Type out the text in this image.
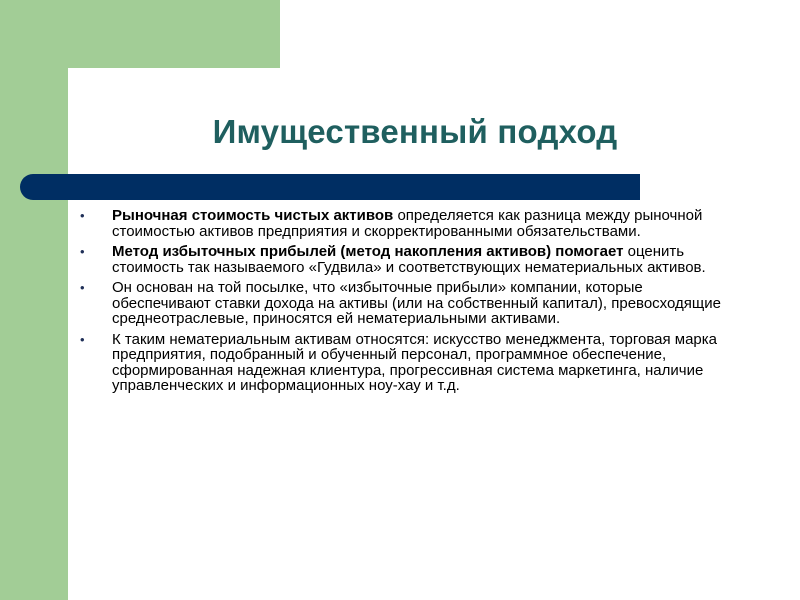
Имущественный подход
•	Рыночная стоимость чистых активов определяется как разница между рыночной стоимостью активов предприятия и скорректированными обязательствами.
•	Метод избыточных прибылей (метод накопления активов) помогает оценить стоимость так называемого «Гудвила» и соответствующих нематериальных активов.
•	Он основан на той посылке, что «избыточные прибыли» компании, которые обеспечивают ставки дохода на активы (или на собственный капитал), превосходящие среднеотраслевые, приносятся ей нематериальными активами.
•	К таким нематериальным активам относятся: искусство менеджмента, торговая марка предприятия, подобранный и обученный персонал, программное обеспечение, сформированная надежная клиентура, прогрессивная система маркетинга, наличие управленческих и информационных ноу-хау и т.д.
